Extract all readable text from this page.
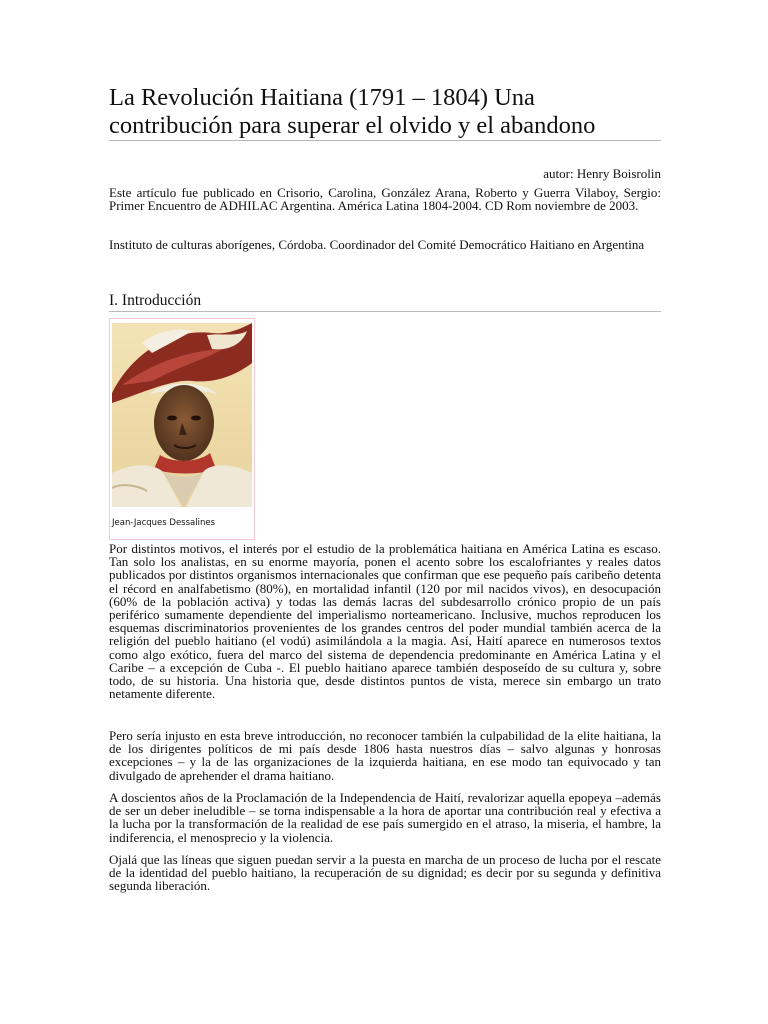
La Revolución Haitiana (1791 – 1804) Una contribución para superar el olvido y el abandono
autor: Henry Boisrolin

Este artículo fue publicado en Crisorio, Carolina, González Arana, Roberto y Guerra Vilaboy, Sergio: Primer Encuentro de ADHILAC Argentina. América Latina 1804-2004. CD Rom noviembre de 2003.

Instituto de culturas aborígenes, Córdoba. Coordinador del Comité Democrático Haitiano en Argentina

I. Introducción
Jean-Jacques Dessalines

Por distintos motivos, el interés por el estudio de la problemática haitiana en América Latina es escaso. Tan solo los analistas, en su enorme mayoría, ponen el acento sobre los escalofriantes y reales datos publicados por distintos organismos internacionales que confirman que ese pequeño país caribeño detenta el récord en analfabetismo (80%), en mortalidad infantil (120 por mil nacidos vivos), en desocupación (60% de la población activa) y todas las demás lacras del subdesarrollo crónico propio de un país periférico sumamente dependiente del imperialismo norteamericano. Inclusive, muchos reproducen los esquemas discriminatorios provenientes de los grandes centros del poder mundial también acerca de la religión del pueblo haitiano (el vodú) asimilándola a la magia. Así, Haití aparece en numerosos textos como algo exótico, fuera del marco del sistema de dependencia predominante en América Latina y el Caribe – a excepción de Cuba -. El pueblo haitiano aparece también desposeído de su cultura y, sobre todo, de su historia. Una historia que, desde distintos puntos de vista, merece sin embargo un trato netamente diferente.

Pero sería injusto en esta breve introducción, no reconocer también la culpabilidad de la elite haitiana, la de los dirigentes políticos de mi país desde 1806 hasta nuestros días – salvo algunas y honrosas excepciones – y la de las organizaciones de la izquierda haitiana, en ese modo tan equivocado y tan divulgado de aprehender el drama haitiano.

A doscientos años de la Proclamación de la Independencia de Haití, revalorizar aquella epopeya –además de ser un deber ineludible – se torna indispensable a la hora de aportar una contribución real y efectiva a la lucha por la transformación de la realidad de ese país sumergido en el atraso, la miseria, el hambre, la indiferencia, el menosprecio y la violencia.

Ojalá que las líneas que siguen puedan servir a la puesta en marcha de un proceso de lucha por el rescate de la identidad del pueblo haitiano, la recuperación de su dignidad; es decir por su segunda y definitiva segunda liberación.
